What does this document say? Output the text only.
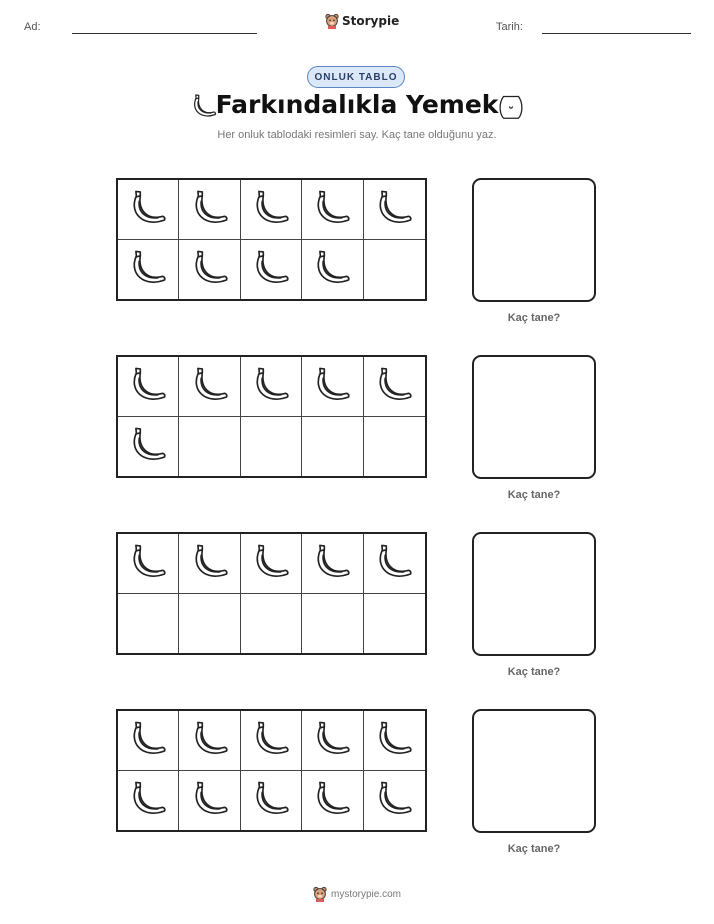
Ad:	Storypie	Tarih:
ONLUK TABLO
Farkındalıkla Yemek
Her onluk tablodaki resimleri say. Kaç tane olduğunu yaz.
Kaç tane?
Kaç tane?
Kaç tane?
Kaç tane?
mystorypie.com
